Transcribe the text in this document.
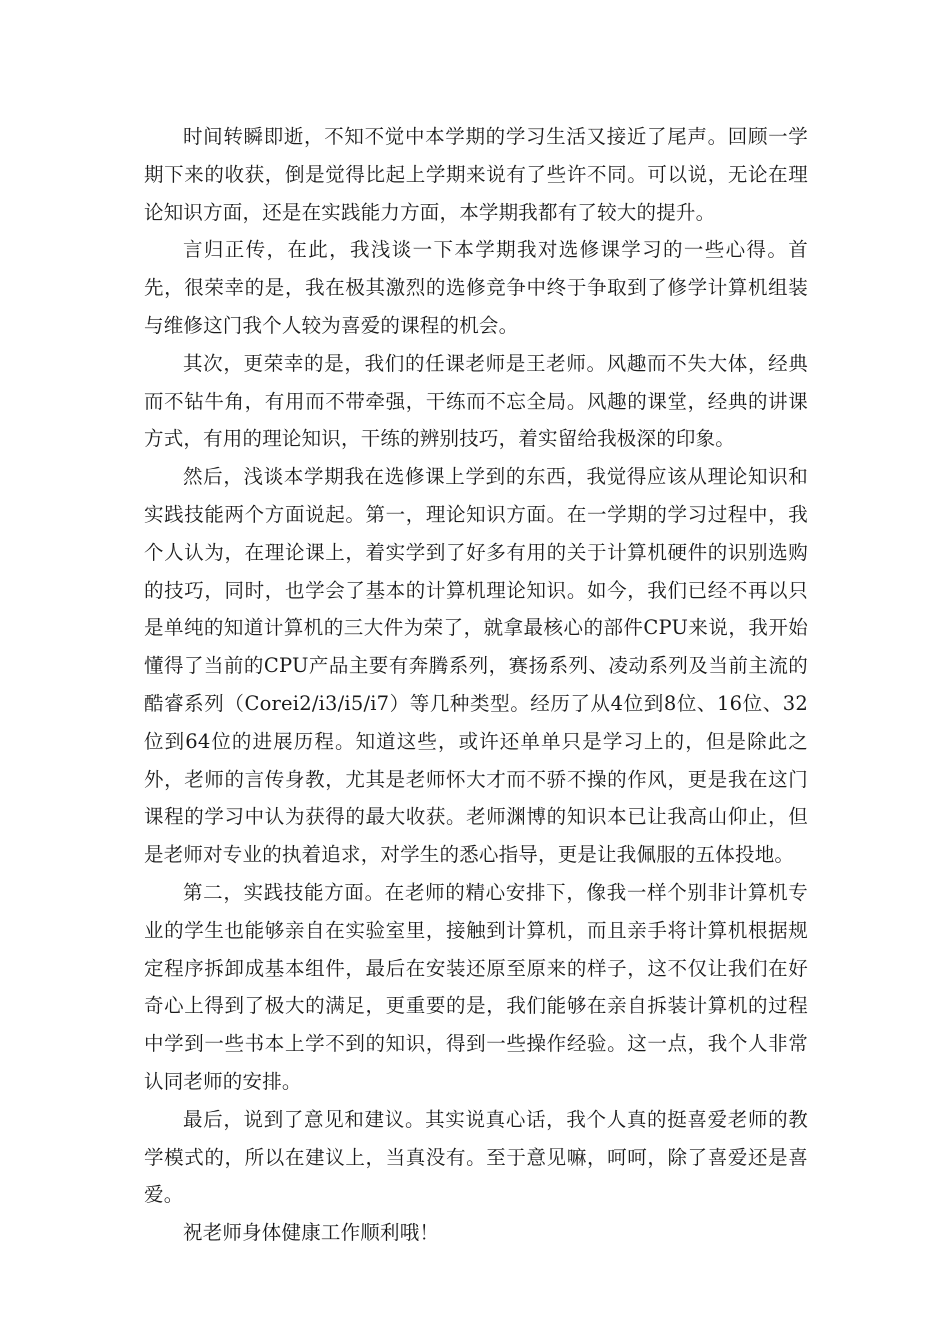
时间转瞬即逝，不知不觉中本学期的学习生活又接近了尾声。回顾一学期下来的收获，倒是觉得比起上学期来说有了些许不同。可以说，无论在理论知识方面，还是在实践能力方面，本学期我都有了较大的提升。

言归正传，在此，我浅谈一下本学期我对选修课学习的一些心得。首先，很荣幸的是，我在极其激烈的选修竞争中终于争取到了修学计算机组装与维修这门我个人较为喜爱的课程的机会。

其次，更荣幸的是，我们的任课老师是王老师。风趣而不失大体，经典而不钻牛角，有用而不带牵强，干练而不忘全局。风趣的课堂，经典的讲课方式，有用的理论知识，干练的辨别技巧，着实留给我极深的印象。

然后，浅谈本学期我在选修课上学到的东西，我觉得应该从理论知识和实践技能两个方面说起。第一，理论知识方面。在一学期的学习过程中，我个人认为，在理论课上，着实学到了好多有用的关于计算机硬件的识别选购的技巧，同时，也学会了基本的计算机理论知识。如今，我们已经不再以只是单纯的知道计算机的三大件为荣了，就拿最核心的部件CPU来说，我开始懂得了当前的CPU产品主要有奔腾系列，赛扬系列、凌动系列及当前主流的酷睿系列（Corei2/i3/i5/i7）等几种类型。经历了从4位到8位、16位、32位到64位的进展历程。知道这些，或许还单单只是学习上的，但是除此之外，老师的言传身教，尤其是老师怀大才而不骄不操的作风，更是我在这门课程的学习中认为获得的最大收获。老师渊博的知识本已让我高山仰止，但是老师对专业的执着追求，对学生的悉心指导，更是让我佩服的五体投地。

第二，实践技能方面。在老师的精心安排下，像我一样个别非计算机专业的学生也能够亲自在实验室里，接触到计算机，而且亲手将计算机根据规定程序拆卸成基本组件，最后在安装还原至原来的样子，这不仅让我们在好奇心上得到了极大的满足，更重要的是，我们能够在亲自拆装计算机的过程中学到一些书本上学不到的知识，得到一些操作经验。这一点，我个人非常认同老师的安排。

最后，说到了意见和建议。其实说真心话，我个人真的挺喜爱老师的教学模式的，所以在建议上，当真没有。至于意见嘛，呵呵，除了喜爱还是喜爱。

祝老师身体健康工作顺利哦！
